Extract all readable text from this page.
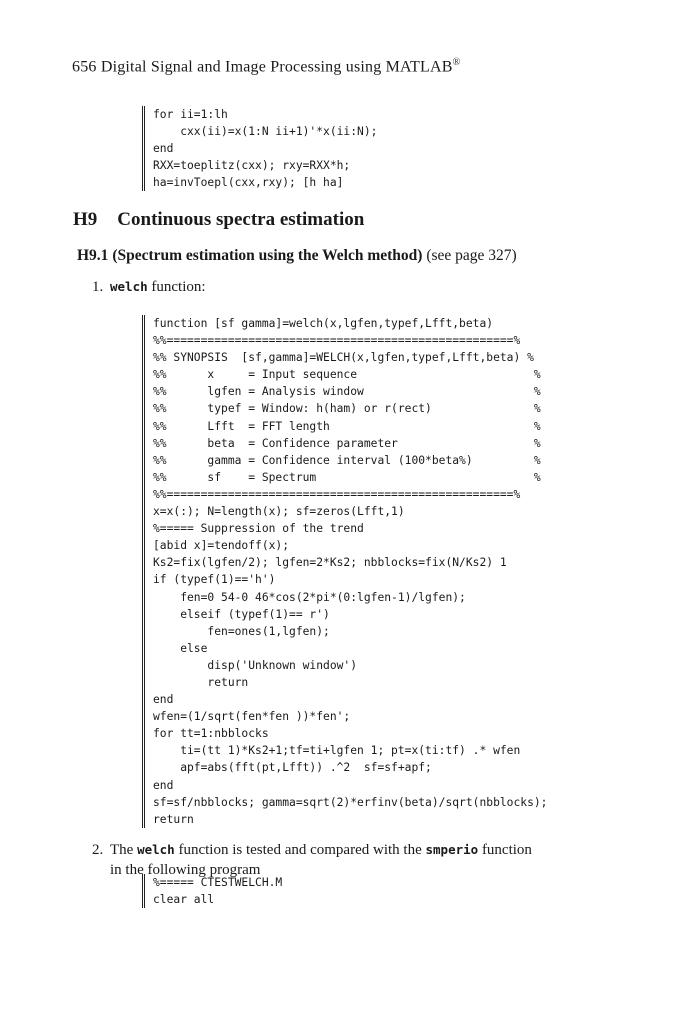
656 Digital Signal and Image Processing using MATLAB®
for ii=1:lh
cxx(ii)=x(1:N ii+1)'*x(ii:N);
end
RXX=toeplitz(cxx); rxy=RXX*h;
ha=invToepl(cxx,rxy); [h ha]
H9 Continuous spectra estimation
H9.1 (Spectrum estimation using the Welch method) (see page 327)
1. welch function:
function [sf gamma]=welch(x,lgfen,typef,Lfft,beta)
%%===================================================%
%% SYNOPSIS  [sf,gamma]=WELCH(x,lgfen,typef,Lfft,beta) %
%%      x     = Input sequence                          %
%%      lgfen = Analysis window                         %
%%      typef = Window: h(ham) or r(rect)               %
%%      Lfft  = FFT length                              %
%%      beta  = Confidence parameter                    %
%%      gamma = Confidence interval (100*beta%)         %
%%      sf    = Spectrum                                %
%%===================================================%
x=x(:); N=length(x); sf=zeros(Lfft,1)
%===== Suppression of the trend
[abid x]=tendoff(x);
Ks2=fix(lgfen/2); lgfen=2*Ks2; nbblocks=fix(N/Ks2) 1
if (typef(1)=='h')
fen=0 54-0 46*cos(2*pi*(0:lgfen-1)/lgfen);
elseif (typef(1)== r')
fen=ones(1,lgfen);
else
disp('Unknown window')
return
end
wfen=(1/sqrt(fen*fen ))*fen';
for tt=1:nbblocks
ti=(tt 1)*Ks2+1;tf=ti+lgfen 1; pt=x(ti:tf) .* wfen
apf=abs(fft(pt,Lfft)) .^2  sf=sf+apf;
end
sf=sf/nbblocks; gamma=sqrt(2)*erfinv(beta)/sqrt(nbblocks);
return
2. The welch function is tested and compared with the smperio function
in the following program
%===== CTESTWELCH.M
clear all
